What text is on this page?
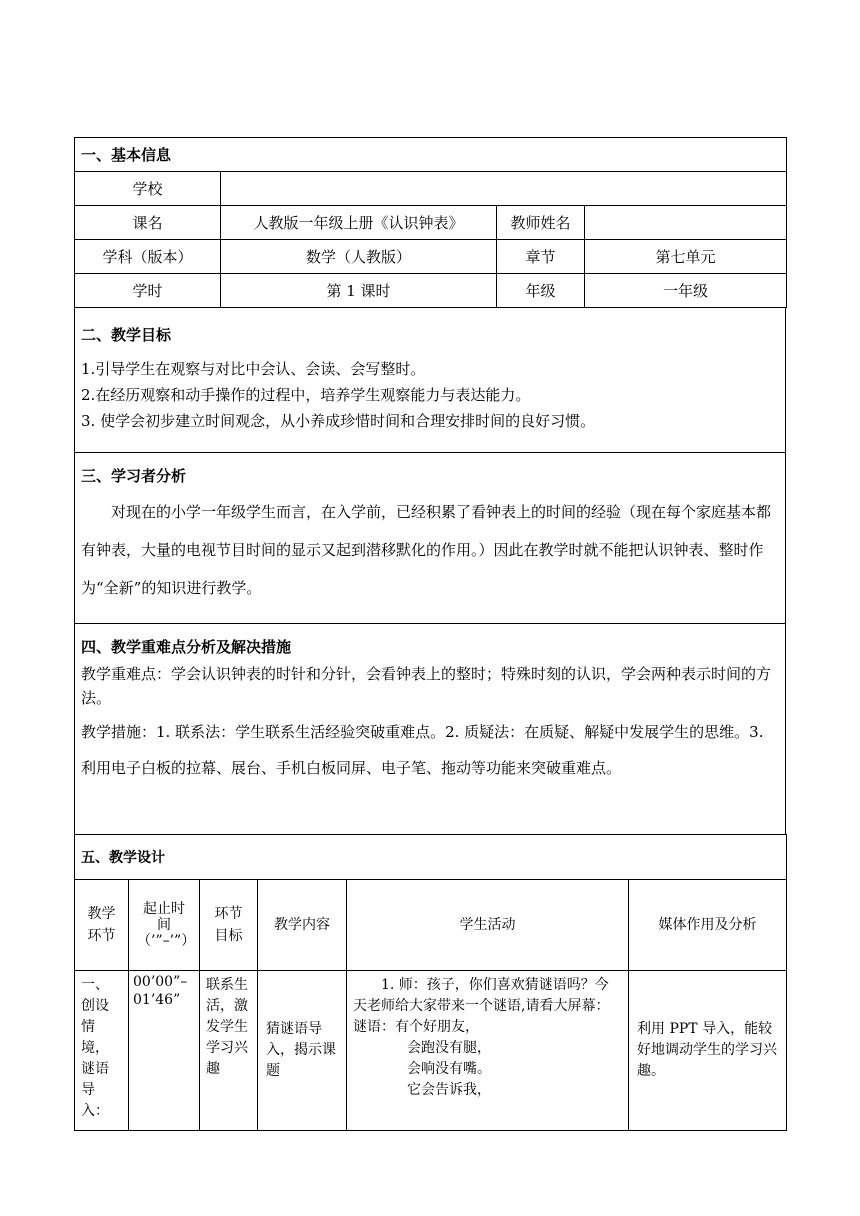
一、基本信息			
学校			
课名	人教版一年级上册《认识钟表》	教师姓名	
学科（版本）	数学（人教版）	章节	第七单元
学时	第 1 课时	年级	一年级
二、教学目标
1.引导学生在观察与对比中会认、会读、会写整时。
2.在经历观察和动手操作的过程中，培养学生观察能力与表达能力。
3. 使学会初步建立时间观念，从小养成珍惜时间和合理安排时间的良好习惯。
三、学习者分析
对现在的小学一年级学生而言，在入学前，已经积累了看钟表上的时间的经验（现在每个家庭基本都有钟表，大量的电视节目时间的显示又起到潜移默化的作用。）因此在教学时就不能把认识钟表、整时作为“全新”的知识进行教学。
四、教学重难点分析及解决措施
教学重难点：学会认识钟表的时针和分针，会看钟表上的整时；特殊时刻的认识，学会两种表示时间的方法。
教学措施：1. 联系法：学生联系生活经验突破重难点。2. 质疑法：在质疑、解疑中发展学生的思维。3. 利用电子白板的拉幕、展台、手机白板同屏、电子笔、拖动等功能来突破重难点。
五、教学设计					
教学环节	起止时间（’”–’”）	环节目标	教学内容	学生活动	媒体作用及分析
一、创设情境，谜语导入：	00’00”–01’46”	联系生活，激发学生学习兴趣	猜谜语导入，揭示课题	1. 师：孩子，你们喜欢猜谜语吗？今天老师给大家带来一个谜语,请看大屏幕：
谜语：有个好朋友，
会跑没有腿，
会响没有嘴。
它会告诉我，	利用 PPT 导入，能较好地调动学生的学习兴趣。
